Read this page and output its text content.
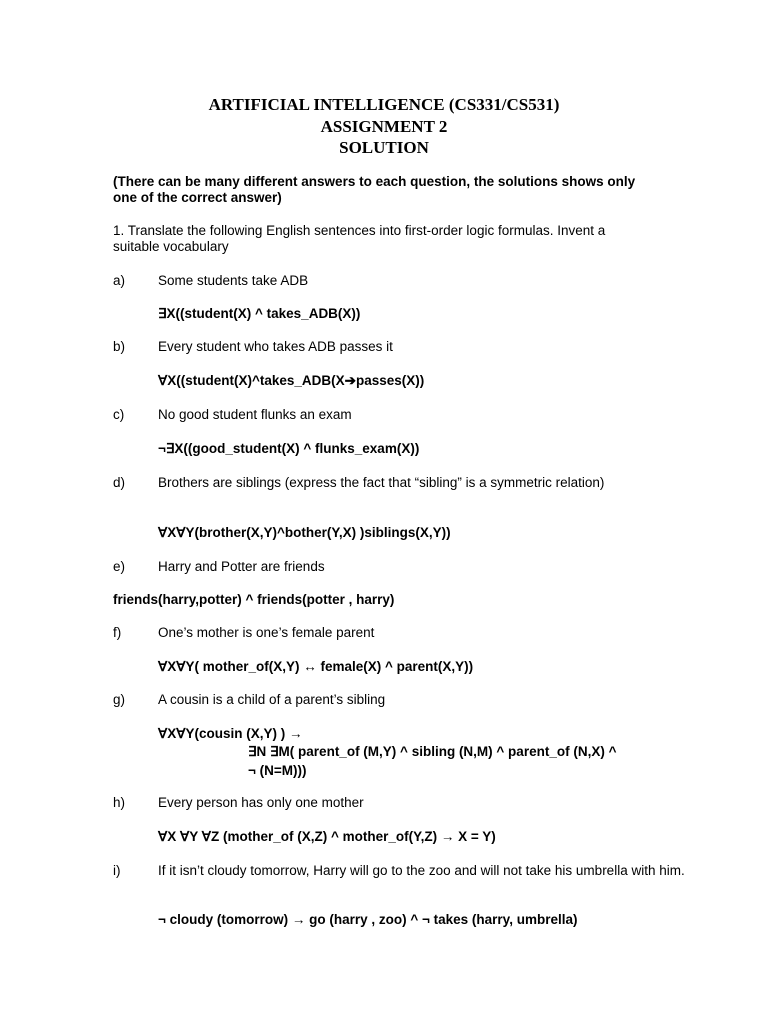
ARTIFICIAL INTELLIGENCE (CS331/CS531)
ASSIGNMENT 2
SOLUTION
(There can be many different answers to each question, the solutions shows only one of the correct answer)
1. Translate the following English sentences into first-order logic formulas. Invent a suitable vocabulary
a) Some students take ADB
∃X((student(X) ^ takes_ADB(X))
b) Every student who takes ADB passes it
∀X((student(X)^takes_ADB(X➔passes(X))
c)	No good student flunks an exam
¬∃X((good_student(X) ^ flunks_exam(X))
d) Brothers are siblings (express the fact that “sibling” is a symmetric relation)
∀X∀Y(brother(X,Y)^bother(Y,X) )siblings(X,Y))
e) Harry and Potter are friends
friends(harry,potter) ^ friends(potter , harry)
f)	One’s mother is one’s female parent
∀X∀Y( mother_of(X,Y) ↔ female(X) ^ parent(X,Y))
g) A cousin is a child of a parent’s sibling
∀X∀Y(cousin (X,Y) ) →
∃N ∃M( parent_of (M,Y) ^ sibling (N,M) ^ parent_of (N,X) ^
¬ (N=M)))
h) Every person has only one mother
∀X ∀Y ∀Z (mother_of (X,Z) ^ mother_of(Y,Z) → X = Y)
i)	If it isn’t cloudy tomorrow, Harry will go to the zoo and will not take his umbrella with him.
¬ cloudy (tomorrow) → go (harry , zoo) ^ ¬ takes (harry, umbrella)
